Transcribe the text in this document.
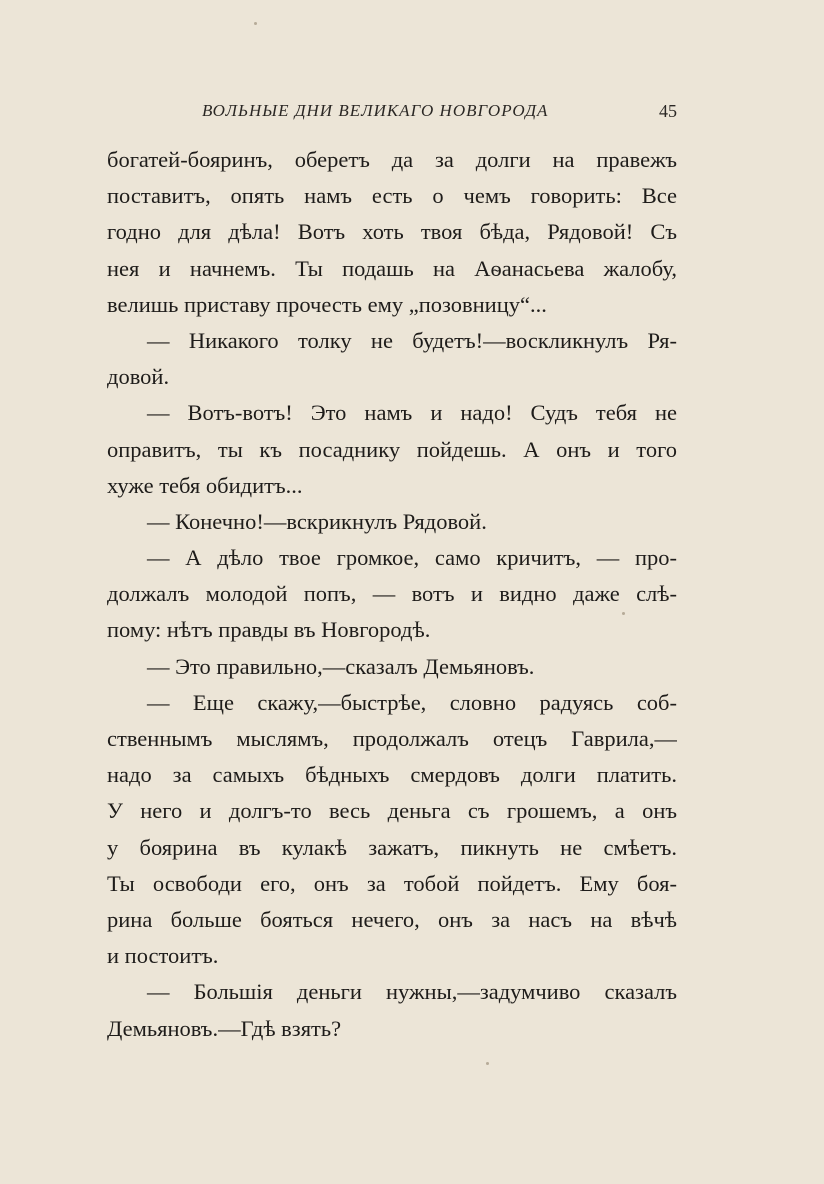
ВОЛЬНЫЕ ДНИ ВЕЛИКАГО НОВГОРОДА	45
богатей-бояринъ, оберетъ да за долги на правежъ
поставитъ, опять намъ есть о чемъ говорить: Все
годно для дѣла! Вотъ хоть твоя бѣда, Рядовой! Съ
нея и начнемъ. Ты подашь на Аѳанасьева жалобу,
велишь приставу прочесть ему „позовницу“...
— Никакого толку не будетъ!—воскликнулъ Ря-
довой.
— Вотъ-вотъ! Это намъ и надо! Судъ тебя не
оправитъ, ты къ посаднику пойдешь. А онъ и того
хуже тебя обидитъ...
— Конечно!—вскрикнулъ Рядовой.
— А дѣло твое громкое, само кричитъ, — про-
должалъ молодой попъ, — вотъ и видно даже слѣ-
пому: нѣтъ правды въ Новгородѣ.
— Это правильно,—сказалъ Демьяновъ.
— Еще скажу,—быстрѣе, словно радуясь соб-
ственнымъ мыслямъ, продолжалъ отецъ Гаврила,—
надо за самыхъ бѣдныхъ смердовъ долги платить.
У него и долгъ-то весь деньга съ грошемъ, а онъ
у боярина въ кулакѣ зажатъ, пикнуть не смѣетъ.
Ты освободи его, онъ за тобой пойдетъ. Ему боя-
рина больше бояться нечего, онъ за насъ на вѣчѣ
и постоитъ.
— Большія деньги нужны,—задумчиво сказалъ
Демьяновъ.—Гдѣ взять?
